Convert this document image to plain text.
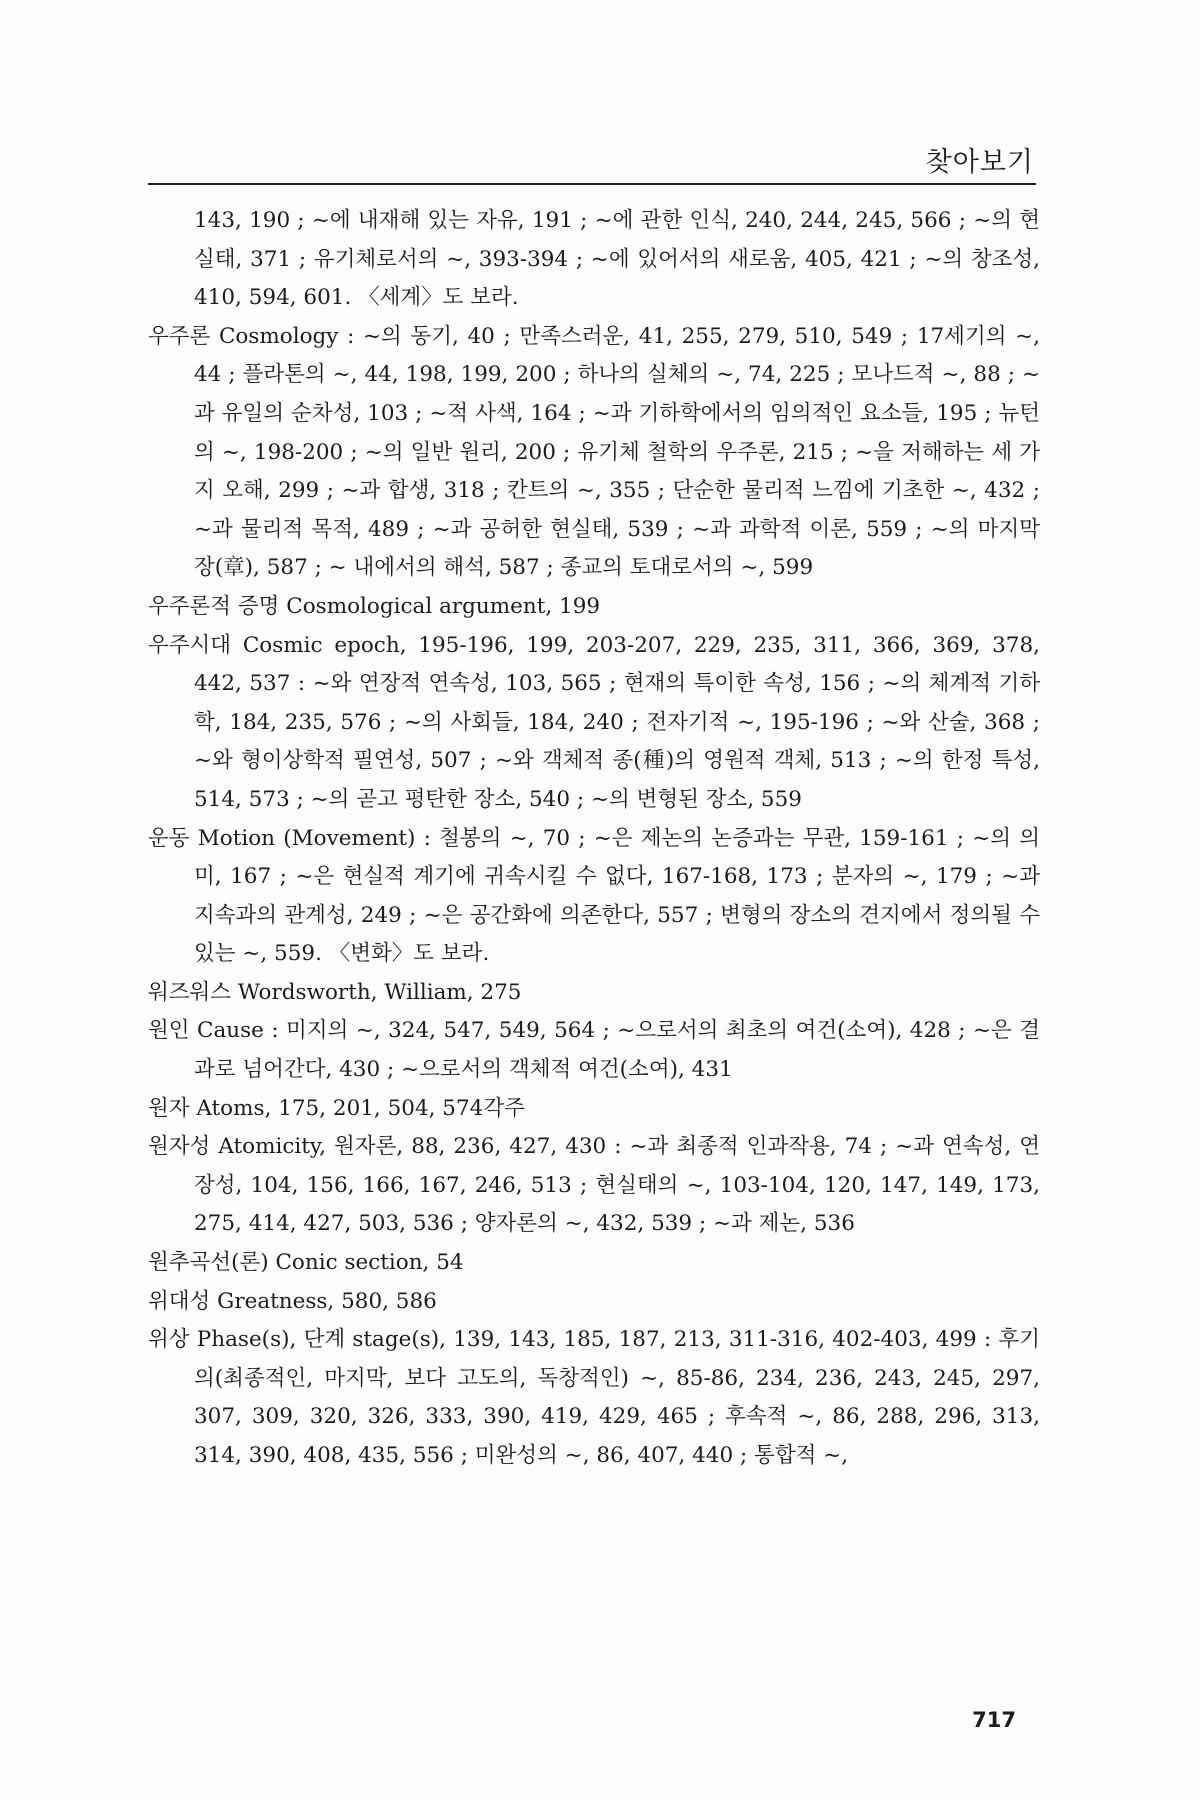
찾아보기

143, 190 ; ~에 내재해 있는 자유, 191 ; ~에 관한 인식, 240, 244, 245, 566 ; ~의 현실태, 371 ; 유기체로서의 ~, 393-394 ; ~에 있어서의 새로움, 405, 421 ; ~의 창조성, 410, 594, 601. 〈세계〉도 보라.

우주론 Cosmology : ~의 동기, 40 ; 만족스러운, 41, 255, 279, 510, 549 ; 17세기의 ~, 44 ; 플라톤의 ~, 44, 198, 199, 200 ; 하나의 실체의 ~, 74, 225 ; 모나드적 ~, 88 ; ~과 유일의 순차성, 103 ; ~적 사색, 164 ; ~과 기하학에서의 임의적인 요소들, 195 ; 뉴턴의 ~, 198-200 ; ~의 일반 원리, 200 ; 유기체 철학의 우주론, 215 ; ~을 저해하는 세 가지 오해, 299 ; ~과 합생, 318 ; 칸트의 ~, 355 ; 단순한 물리적 느낌에 기초한 ~, 432 ; ~과 물리적 목적, 489 ; ~과 공허한 현실태, 539 ; ~과 과학적 이론, 559 ; ~의 마지막 장(章), 587 ; ~ 내에서의 해석, 587 ; 종교의 토대로서의 ~, 599

우주론적 증명 Cosmological argument, 199

우주시대 Cosmic epoch, 195-196, 199, 203-207, 229, 235, 311, 366, 369, 378, 442, 537 : ~와 연장적 연속성, 103, 565 ; 현재의 특이한 속성, 156 ; ~의 체계적 기하학, 184, 235, 576 ; ~의 사회들, 184, 240 ; 전자기적 ~, 195-196 ; ~와 산술, 368 ; ~와 형이상학적 필연성, 507 ; ~와 객체적 종(種)의 영원적 객체, 513 ; ~의 한정 특성, 514, 573 ; ~의 곧고 평탄한 장소, 540 ; ~의 변형된 장소, 559

운동 Motion (Movement) : 철봉의 ~, 70 ; ~은 제논의 논증과는 무관, 159-161 ; ~의 의미, 167 ; ~은 현실적 계기에 귀속시킬 수 없다, 167-168, 173 ; 분자의 ~, 179 ; ~과 지속과의 관계성, 249 ; ~은 공간화에 의존한다, 557 ; 변형의 장소의 견지에서 정의될 수 있는 ~, 559. 〈변화〉도 보라.

워즈워스 Wordsworth, William, 275

원인 Cause : 미지의 ~, 324, 547, 549, 564 ; ~으로서의 최초의 여건(소여), 428 ; ~은 결과로 넘어간다, 430 ; ~으로서의 객체적 여건(소여), 431

원자 Atoms, 175, 201, 504, 574각주

원자성 Atomicity, 원자론, 88, 236, 427, 430 : ~과 최종적 인과작용, 74 ; ~과 연속성, 연장성, 104, 156, 166, 167, 246, 513 ; 현실태의 ~, 103-104, 120, 147, 149, 173, 275, 414, 427, 503, 536 ; 양자론의 ~, 432, 539 ; ~과 제논, 536

원추곡선(론) Conic section, 54

위대성 Greatness, 580, 586

위상 Phase(s), 단계 stage(s), 139, 143, 185, 187, 213, 311-316, 402-403, 499 : 후기의(최종적인, 마지막, 보다 고도의, 독창적인) ~, 85-86, 234, 236, 243, 245, 297, 307, 309, 320, 326, 333, 390, 419, 429, 465 ; 후속적 ~, 86, 288, 296, 313, 314, 390, 408, 435, 556 ; 미완성의 ~, 86, 407, 440 ; 통합적 ~,

717
